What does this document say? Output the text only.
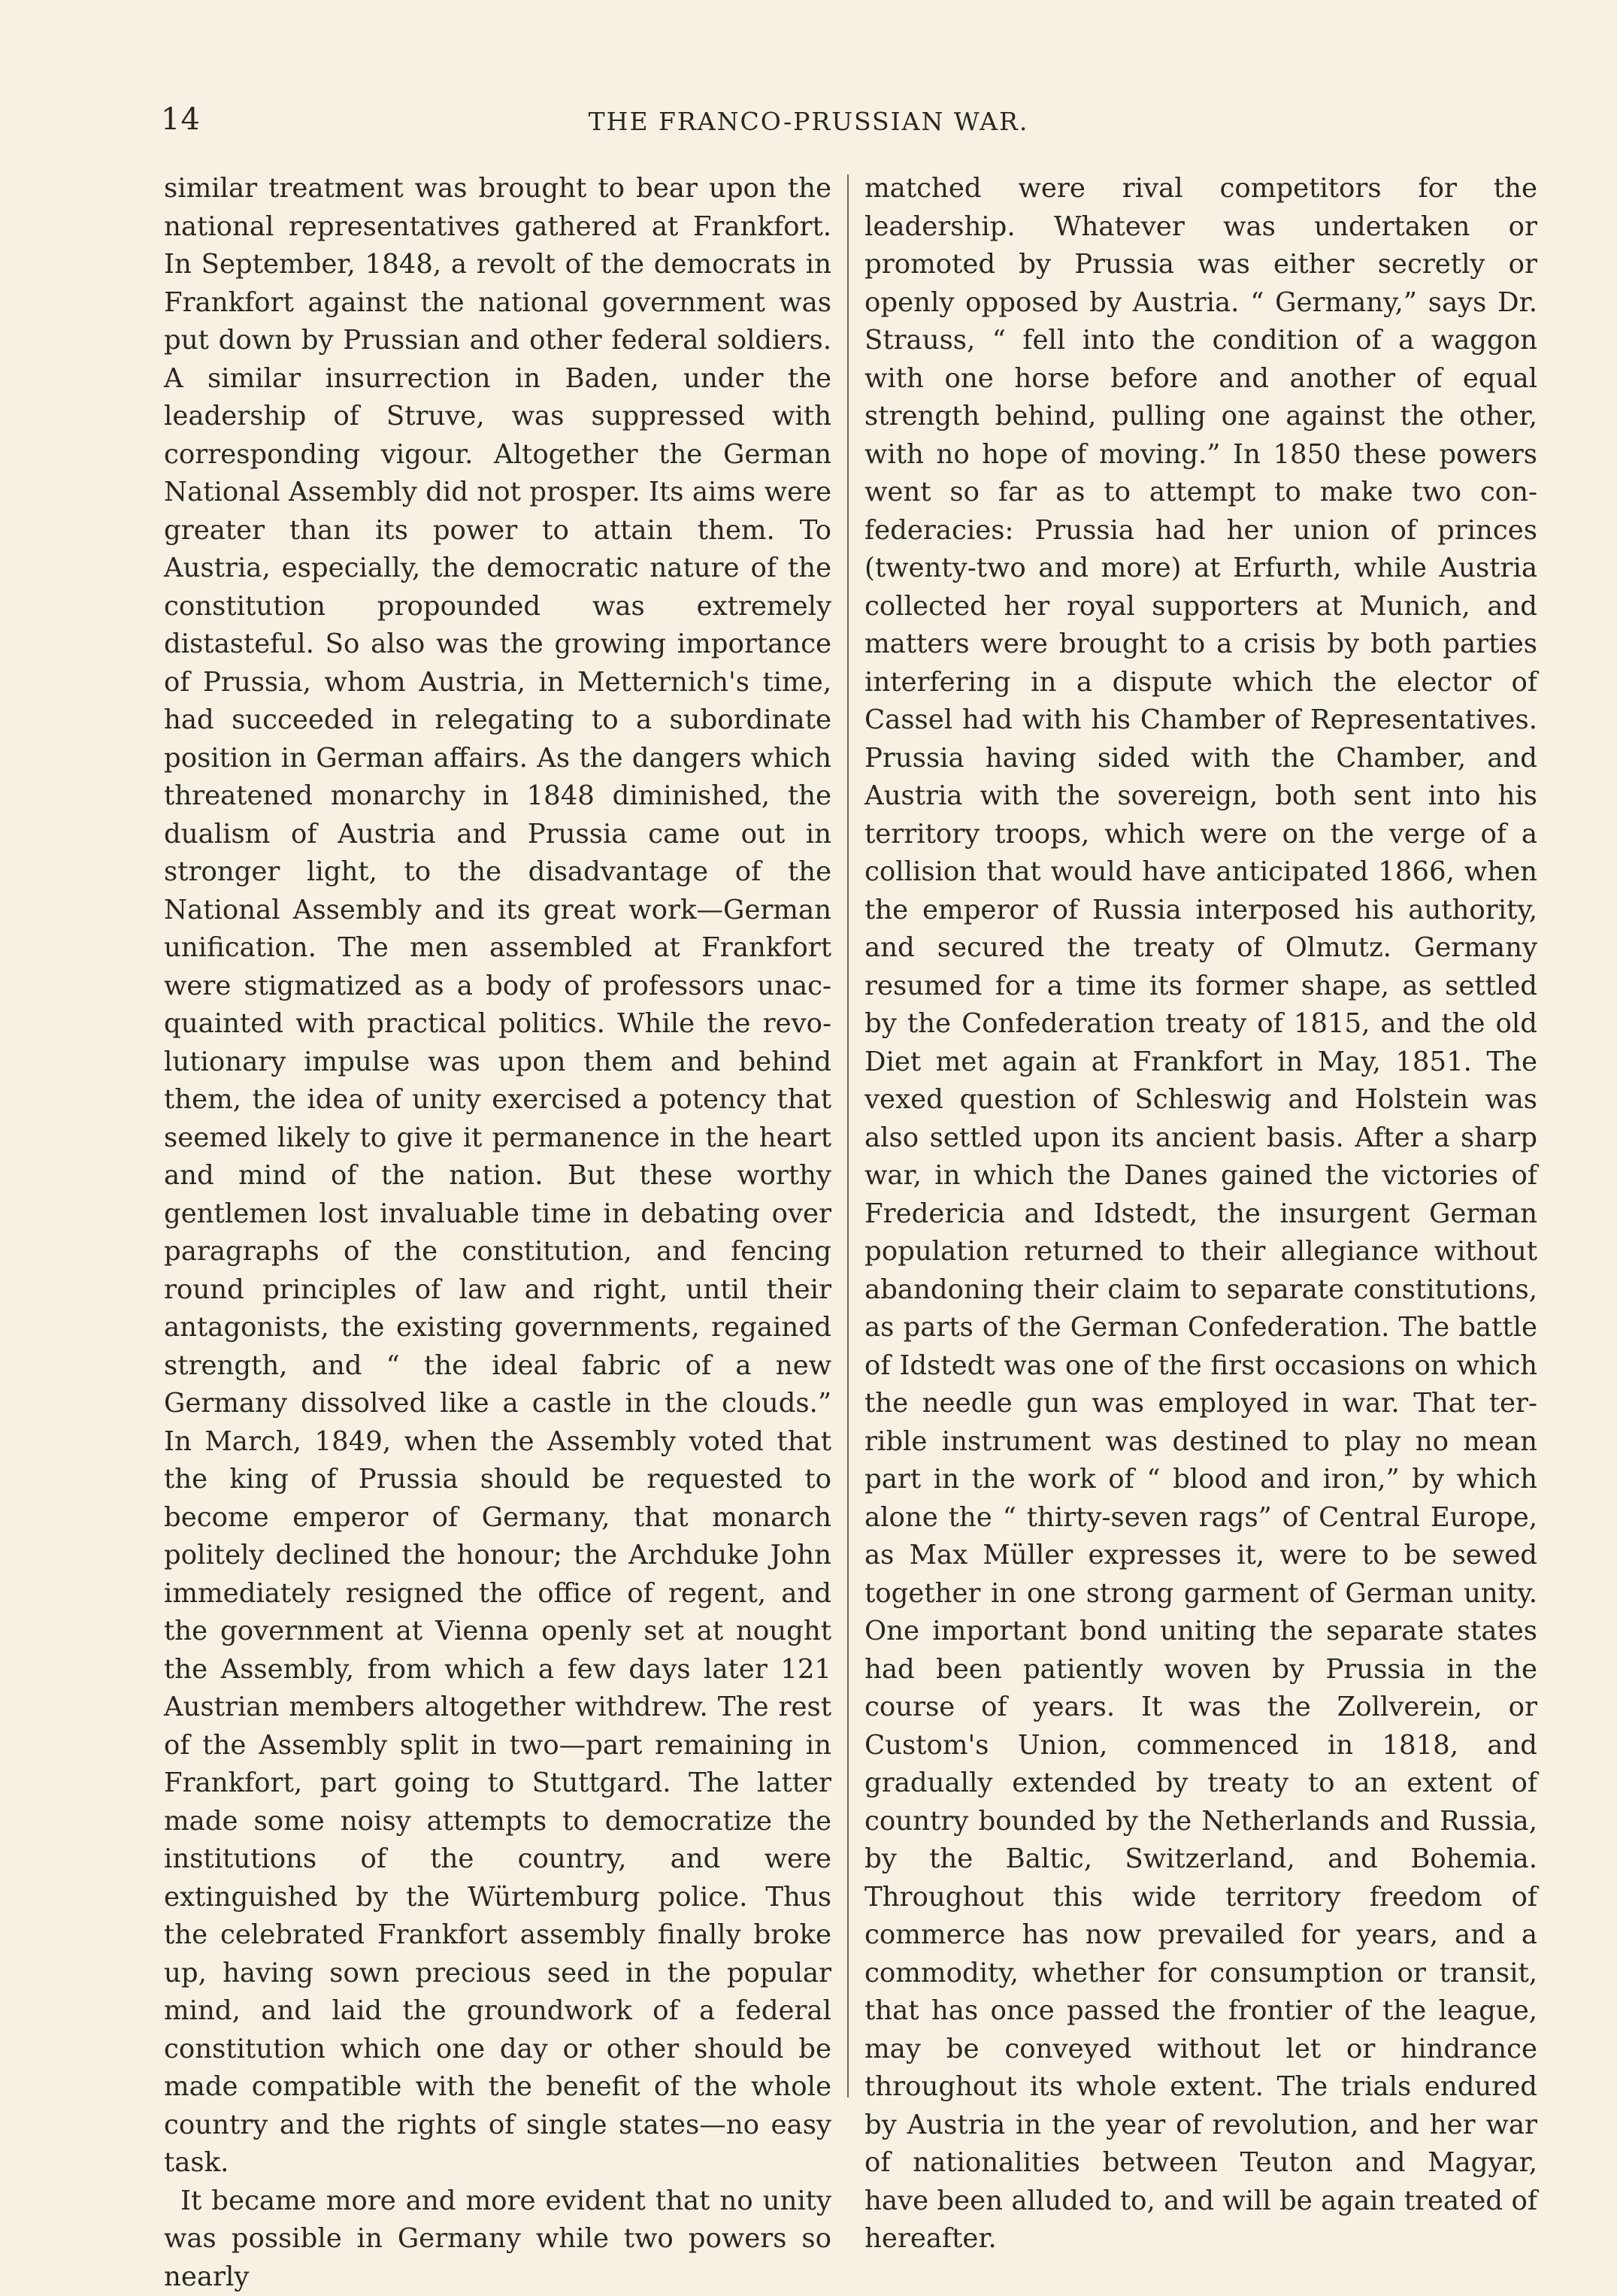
14	THE FRANCO-PRUSSIAN WAR.

similar treatment was brought to bear upon the national representatives gathered at Frankfort. In September, 1848, a revolt of the democrats in Frankfort against the national government was put down by Prussian and other federal soldiers. A similar insurrection in Baden, under the leadership of Struve, was suppressed with corresponding vigour. Altogether the German National Assembly did not prosper. Its aims were greater than its power to attain them. To Austria, especially, the democratic nature of the constitution propounded was extremely distasteful. So also was the growing importance of Prussia, whom Austria, in Metternich's time, had succeeded in relegating to a subordinate position in German affairs. As the dangers which threatened monarchy in 1848 diminished, the dualism of Austria and Prussia came out in stronger light, to the disadvantage of the National Assembly and its great work—German unification. The men assembled at Frankfort were stigmatized as a body of professors unacquainted with practical politics. While the revolutionary impulse was upon them and behind them, the idea of unity exercised a potency that seemed likely to give it permanence in the heart and mind of the nation. But these worthy gentlemen lost invaluable time in debating over paragraphs of the constitution, and fencing round principles of law and right, until their antagonists, the existing governments, regained strength, and “ the ideal fabric of a new Germany dissolved like a castle in the clouds.” In March, 1849, when the Assembly voted that the king of Prussia should be requested to become emperor of Germany, that monarch politely declined the honour; the Archduke John immediately resigned the office of regent, and the government at Vienna openly set at nought the Assembly, from which a few days later 121 Austrian members altogether withdrew. The rest of the Assembly split in two—part remaining in Frankfort, part going to Stuttgard. The latter made some noisy attempts to democratize the institutions of the country, and were extinguished by the Würtemburg police. Thus the celebrated Frankfort assembly finally broke up, having sown precious seed in the popular mind, and laid the groundwork of a federal constitution which one day or other should be made compatible with the benefit of the whole country and the rights of single states—no easy task.

It became more and more evident that no unity was possible in Germany while two powers so nearly

matched were rival competitors for the leadership. Whatever was undertaken or promoted by Prussia was either secretly or openly opposed by Austria. “ Germany,” says Dr. Strauss, “ fell into the condition of a waggon with one horse before and another of equal strength behind, pulling one against the other, with no hope of moving.” In 1850 these powers went so far as to attempt to make two confederacies: Prussia had her union of princes (twenty-two and more) at Erfurth, while Austria collected her royal supporters at Munich, and matters were brought to a crisis by both parties interfering in a dispute which the elector of Cassel had with his Chamber of Representatives. Prussia having sided with the Chamber, and Austria with the sovereign, both sent into his territory troops, which were on the verge of a collision that would have anticipated 1866, when the emperor of Russia interposed his authority, and secured the treaty of Olmutz. Germany resumed for a time its former shape, as settled by the Confederation treaty of 1815, and the old Diet met again at Frankfort in May, 1851. The vexed question of Schleswig and Holstein was also settled upon its ancient basis. After a sharp war, in which the Danes gained the victories of Fredericia and Idstedt, the insurgent German population returned to their allegiance without abandoning their claim to separate constitutions, as parts of the German Confederation. The battle of Idstedt was one of the first occasions on which the needle gun was employed in war. That terrible instrument was destined to play no mean part in the work of “ blood and iron,” by which alone the “ thirty-seven rags” of Central Europe, as Max Müller expresses it, were to be sewed together in one strong garment of German unity. One important bond uniting the separate states had been patiently woven by Prussia in the course of years. It was the Zollverein, or Custom's Union, commenced in 1818, and gradually extended by treaty to an extent of country bounded by the Netherlands and Russia, by the Baltic, Switzerland, and Bohemia. Throughout this wide territory freedom of commerce has now prevailed for years, and a commodity, whether for consumption or transit, that has once passed the frontier of the league, may be conveyed without let or hindrance throughout its whole extent. The trials endured by Austria in the year of revolution, and her war of nationalities between Teuton and Magyar, have been alluded to, and will be again treated of hereafter.
